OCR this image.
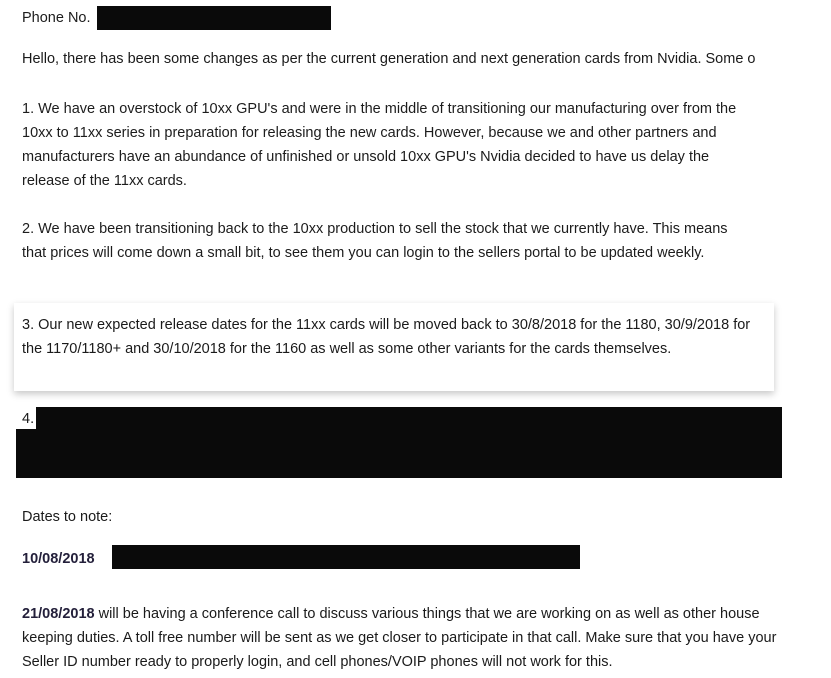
Phone No.
Hello, there has been some changes as per the current generation and next generation cards from Nvidia. Some o
1. We have an overstock of 10xx GPU's and were in the middle of transitioning our manufacturing over from the 10xx to 11xx series in preparation for releasing the new cards. However, because we and other partners and manufacturers have an abundance of unfinished or unsold 10xx GPU's Nvidia decided to have us delay the release of the 11xx cards.
2. We have been transitioning back to the 10xx production to sell the stock that we currently have. This means that prices will come down a small bit, to see them you can login to the sellers portal to be updated weekly.
3. Our new expected release dates for the 11xx cards will be moved back to 30/8/2018 for the 1180, 30/9/2018 for the 1170/1180+ and 30/10/2018 for the 1160 as well as some other variants for the cards themselves.
4.
Dates to note:
10/08/2018
21/08/2018 will be having a conference call to discuss various things that we are working on as well as other house keeping duties. A toll free number will be sent as we get closer to participate in that call. Make sure that you have your Seller ID number ready to properly login, and cell phones/VOIP phones will not work for this.
